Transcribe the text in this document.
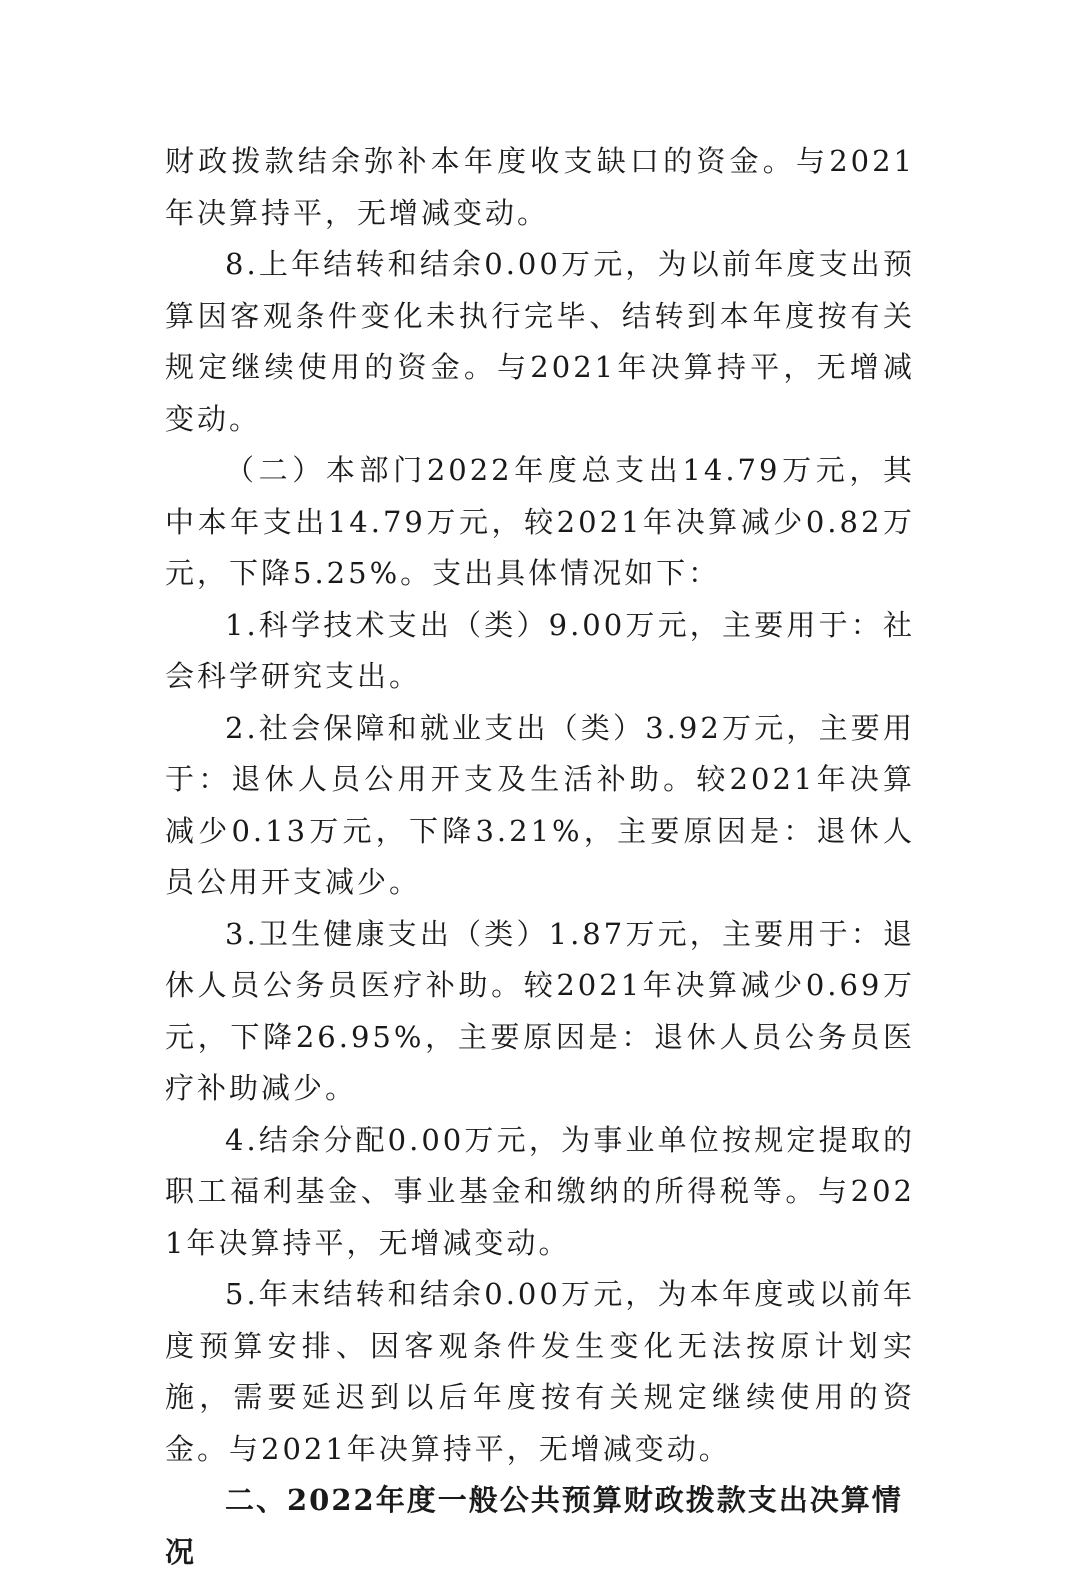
财政拨款结余弥补本年度收支缺口的资金。与2021年决算持平，无增减变动。

8.上年结转和结余0.00万元，为以前年度支出预算因客观条件变化未执行完毕、结转到本年度按有关规定继续使用的资金。与2021年决算持平，无增减变动。

（二）本部门2022年度总支出14.79万元，其中本年支出14.79万元，较2021年决算减少0.82万元，下降5.25%。支出具体情况如下：

1.科学技术支出（类）9.00万元，主要用于：社会科学研究支出。

2.社会保障和就业支出（类）3.92万元，主要用于：退休人员公用开支及生活补助。较2021年决算减少0.13万元，下降3.21%，主要原因是：退休人员公用开支减少。

3.卫生健康支出（类）1.87万元，主要用于：退休人员公务员医疗补助。较2021年决算减少0.69万元，下降26.95%，主要原因是：退休人员公务员医疗补助减少。

4.结余分配0.00万元，为事业单位按规定提取的职工福利基金、事业基金和缴纳的所得税等。与2021年决算持平，无增减变动。

5.年末结转和结余0.00万元，为本年度或以前年度预算安排、因客观条件发生变化无法按原计划实施，需要延迟到以后年度按有关规定继续使用的资金。与2021年决算持平，无增减变动。

二、2022年度一般公共预算财政拨款支出决算情况
